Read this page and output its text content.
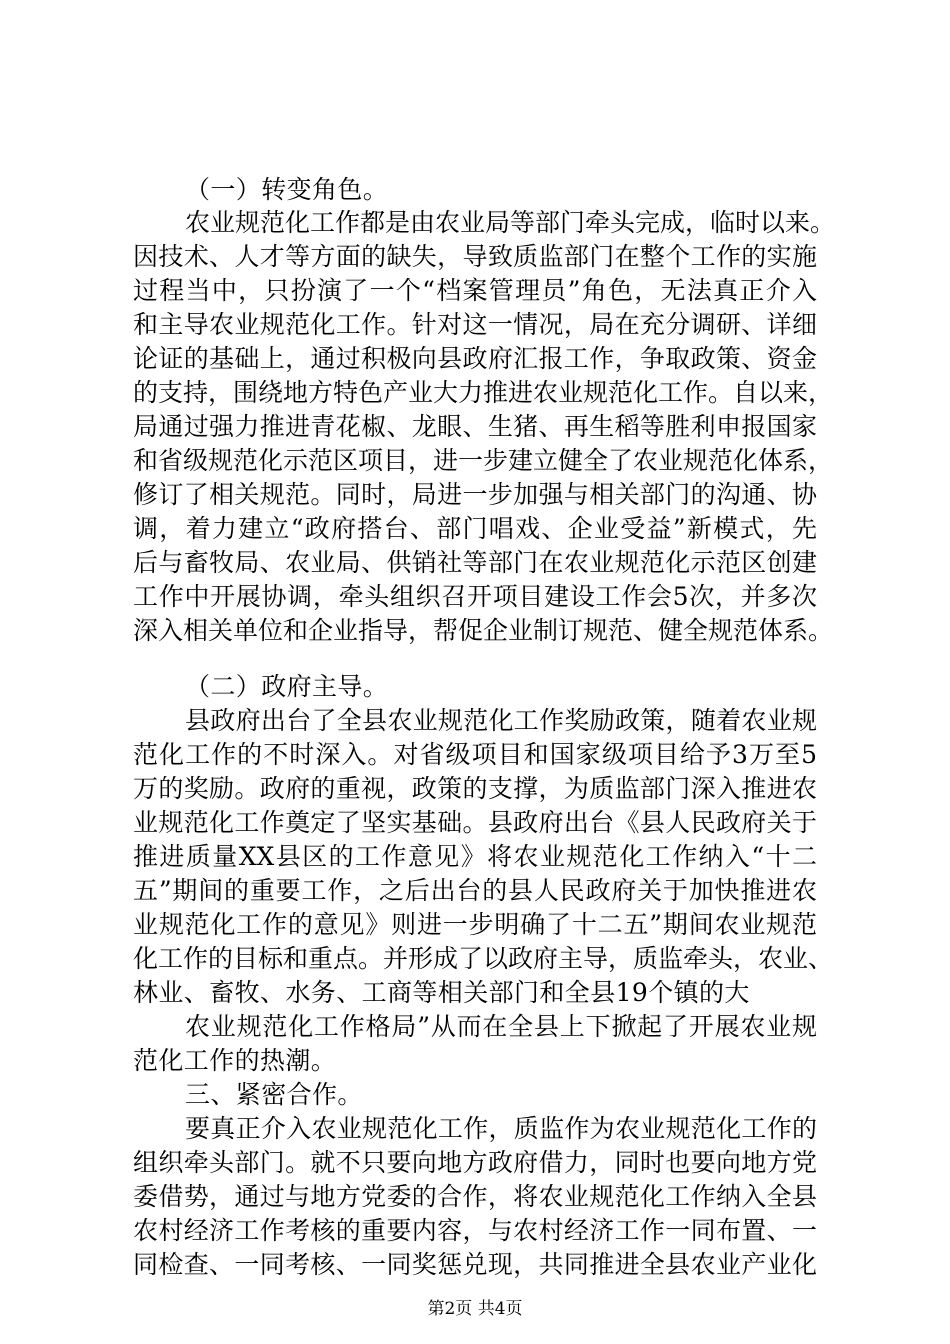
（一）转变角色。
农业规范化工作都是由农业局等部门牵头完成，临时以来。
因技术、人才等方面的缺失，导致质监部门在整个工作的实施
过程当中，只扮演了一个“档案管理员”角色，无法真正介入
和主导农业规范化工作。针对这一情况，局在充分调研、详细
论证的基础上，通过积极向县政府汇报工作，争取政策、资金
的支持，围绕地方特色产业大力推进农业规范化工作。自以来，
局通过强力推进青花椒、龙眼、生猪、再生稻等胜利申报国家
和省级规范化示范区项目，进一步建立健全了农业规范化体系，
修订了相关规范。同时，局进一步加强与相关部门的沟通、协
调，着力建立“政府搭台、部门唱戏、企业受益”新模式，先
后与畜牧局、农业局、供销社等部门在农业规范化示范区创建
工作中开展协调，牵头组织召开项目建设工作会5次，并多次
深入相关单位和企业指导，帮促企业制订规范、健全规范体系。
（二）政府主导。
县政府出台了全县农业规范化工作奖励政策，随着农业规
范化工作的不时深入。对省级项目和国家级项目给予3万至5
万的奖励。政府的重视，政策的支撑，为质监部门深入推进农
业规范化工作奠定了坚实基础。县政府出台《县人民政府关于
推进质量XX县区的工作意见》将农业规范化工作纳入“十二
五”期间的重要工作，之后出台的县人民政府关于加快推进农
业规范化工作的意见》则进一步明确了十二五”期间农业规范
化工作的目标和重点。并形成了以政府主导，质监牵头，农业、
林业、畜牧、水务、工商等相关部门和全县19个镇的大
农业规范化工作格局”从而在全县上下掀起了开展农业规
范化工作的热潮。
三、紧密合作。
要真正介入农业规范化工作，质监作为农业规范化工作的
组织牵头部门。就不只要向地方政府借力，同时也要向地方党
委借势，通过与地方党委的合作，将农业规范化工作纳入全县
农村经济工作考核的重要内容，与农村经济工作一同布置、一
同检查、一同考核、一同奖惩兑现，共同推进全县农业产业化
第2页 共4页
